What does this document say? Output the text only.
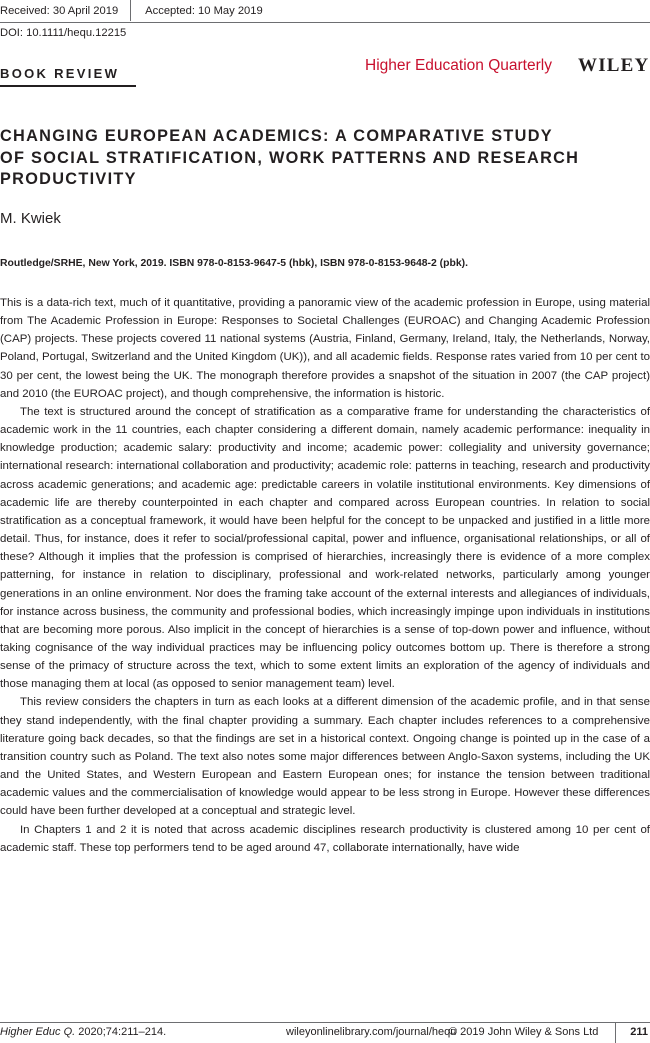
Received: 30 April 2019 Accepted: 10 May 2019
DOI: 10.1111/hequ.12215
BOOK REVIEW	Higher Education Quarterly WILEY
CHANGING EUROPEAN ACADEMICS: A COMPARATIVE STUDY
OF SOCIAL STRATIFICATION, WORK PATTERNS AND RESEARCH
PRODUCTIVITY
M. Kwiek
Routledge/SRHE, New York, 2019. ISBN 978-0-8153-9647-5 (hbk), ISBN 978-0-8153-9648-2 (pbk).

This is a data-rich text, much of it quantitative, providing a panoramic view of the academic profession in Europe, using material from The Academic Profession in Europe: Responses to Societal Challenges (EUROAC) and Changing Academic Profession (CAP) projects. These projects covered 11 national systems (Austria, Finland, Germany, Ireland, Italy, the Netherlands, Norway, Poland, Portugal, Switzerland and the United Kingdom (UK)), and all academic fields. Response rates varied from 10 per cent to 30 per cent, the lowest being the UK. The monograph therefore provides a snapshot of the situation in 2007 (the CAP project) and 2010 (the EUROAC project), and though comprehensive, the information is historic.

The text is structured around the concept of stratification as a comparative frame for understanding the characteristics of academic work in the 11 countries, each chapter considering a different domain, namely academic performance: inequality in knowledge production; academic salary: productivity and income; academic power: collegiality and university governance; international research: international collaboration and productivity; academic role: patterns in teaching, research and productivity across academic generations; and academic age: predictable careers in volatile institutional environments. Key dimensions of academic life are thereby counterpointed in each chapter and compared across European countries. In relation to social stratification as a conceptual framework, it would have been helpful for the concept to be unpacked and justified in a little more detail. Thus, for instance, does it refer to social/professional capital, power and influence, organisational relationships, or all of these? Although it implies that the profession is comprised of hierarchies, increasingly there is evidence of a more complex patterning, for instance in relation to disciplinary, professional and work-related networks, particularly among younger generations in an online environment. Nor does the framing take account of the external interests and allegiances of individuals, for instance across business, the community and professional bodies, which increasingly impinge upon individuals in institutions that are becoming more porous. Also implicit in the concept of hierarchies is a sense of top-down power and influence, without taking cognisance of the way individual practices may be influencing policy outcomes bottom up. There is therefore a strong sense of the primacy of structure across the text, which to some extent limits an exploration of the agency of individuals and those managing them at local (as opposed to senior management team) level.

This review considers the chapters in turn as each looks at a different dimension of the academic profile, and in that sense they stand independently, with the final chapter providing a summary. Each chapter includes references to a comprehensive literature going back decades, so that the findings are set in a historical context. Ongoing change is pointed up in the case of a transition country such as Poland. The text also notes some major differences between Anglo-Saxon systems, including the UK and the United States, and Western European and Eastern European ones; for instance the tension between traditional academic values and the commercialisation of knowledge would appear to be less strong in Europe. However these differences could have been further developed at a conceptual and strategic level.

In Chapters 1 and 2 it is noted that across academic disciplines research productivity is clustered among 10 per cent of academic staff. These top performers tend to be aged around 47, collaborate internationally, have wide

Higher Educ Q. 2020;74:211–214.	wileyonlinelibrary.com/journal/hequ
© 2019 John Wiley & Sons Ltd	211
